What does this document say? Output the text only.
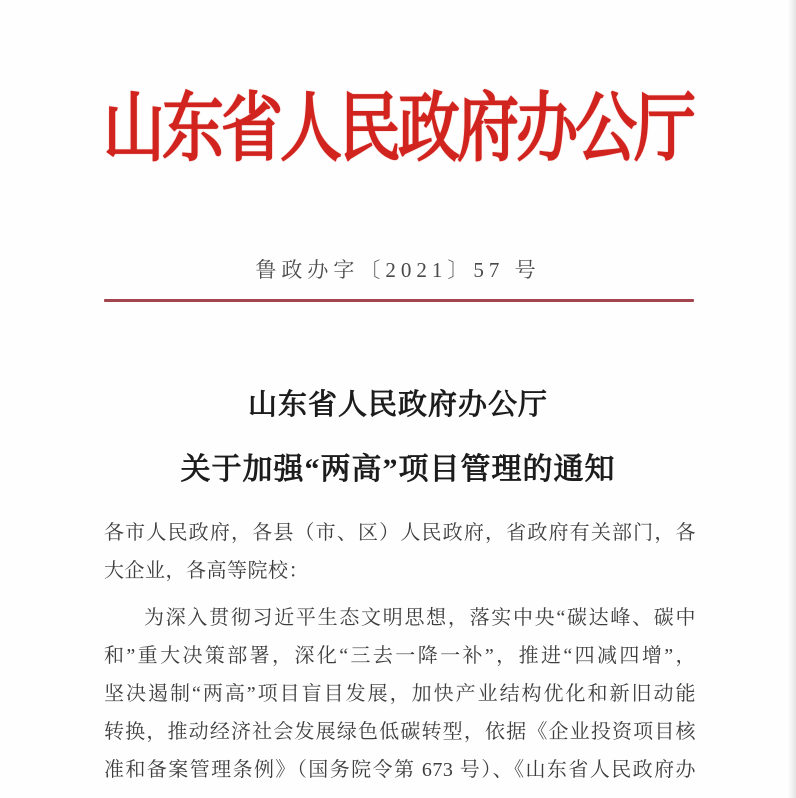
山东省人民政府办公厅
鲁政办字〔2021〕57 号
山东省人民政府办公厅
关于加强“两高”项目管理的通知
各市人民政府，各县（市、区）人民政府，省政府有关部门，各
大企业，各高等院校：
为深入贯彻习近平生态文明思想，落实中央“碳达峰、碳中
和”重大决策部署，深化“三去一降一补”，推进“四减四增”，
坚决遏制“两高”项目盲目发展，加快产业结构优化和新旧动能
转换，推动经济社会发展绿色低碳转型，依据《企业投资项目核
准和备案管理条例》（国务院令第 673 号）、《山东省人民政府办
